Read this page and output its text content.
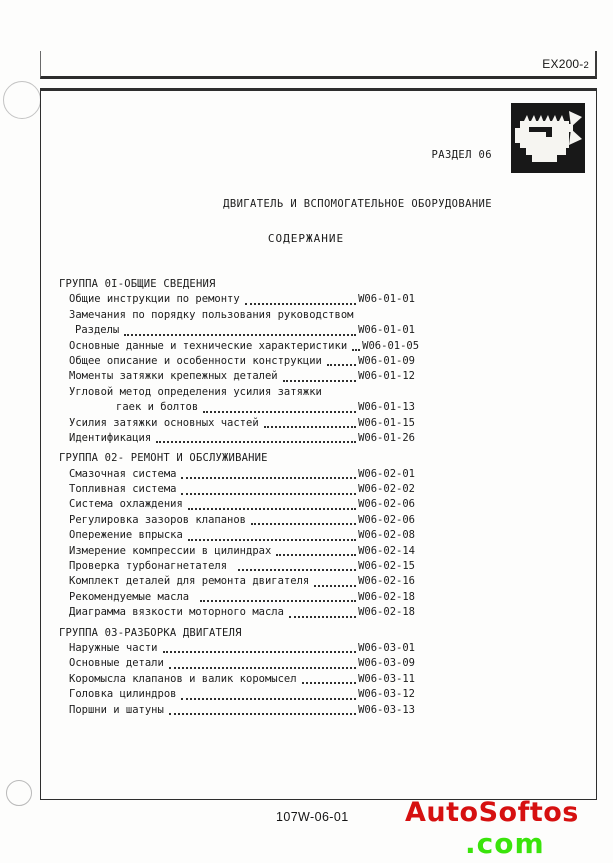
EX200-2

РАЗДЕЛ 06

ДВИГАТЕЛЬ И ВСПОМОГАТЕЛЬНОЕ ОБОРУДОВАНИЕ

СОДЕРЖАНИЕ
ГРУППА 0I-ОБЩИЕ СВЕДЕНИЯ
Общие инструкции по ремонту	W06-01-01
Замечания по порядку пользования руководством
Разделы	W06-01-01
Основные данные и технические характеристики W06-01-05
Общее описание и особенности конструкции	W06-01-09
Моменты затяжки крепежных деталей	W06-01-12
Угловой метод определения усилия затяжки
гаек и болтов	W06-01-13
Усилия затяжки основных частей	W06-01-15
Идентификация	W06-01-26
ГРУППА 02- РЕМОНТ И ОБСЛУЖИВАНИЕ
Смазочная система	W06-02-01
Топливная система	W06-02-02
Система охлаждения	W06-02-06
Регулировка зазоров клапанов	W06-02-06
Опережение впрыска	W06-02-08
Измерение компрессии в цилиндрах	W06-02-14
Проверка турбонагнетателя	W06-02-15
Комплект деталей для ремонта двигателя	W06-02-16
Рекомендуемые масла	W06-02-18
Диаграмма вязкости моторного масла	W06-02-18
ГРУППА 03-РАЗБОРКА ДВИГАТЕЛЯ
Наружные части	W06-03-01
Основные детали	W06-03-09
Коромысла клапанов и валик коромысел	W06-03-11
Головка цилиндров	W06-03-12
Поршни и шатуны	W06-03-13
107W-06-01 AutoSoftos
.com
